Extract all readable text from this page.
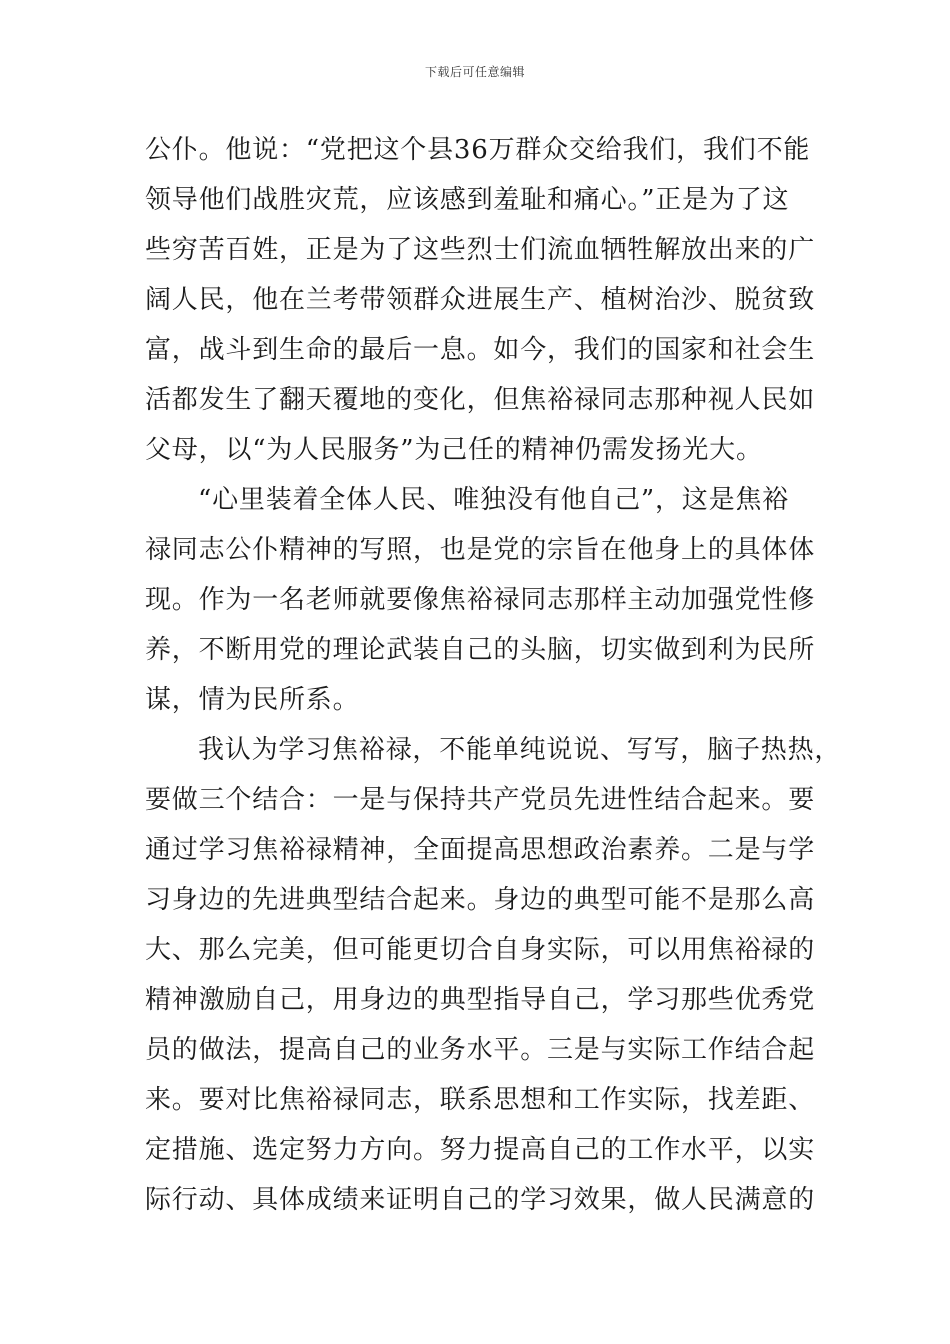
下载后可任意编辑
公仆。他说：“党把这个县36万群众交给我们，我们不能
领导他们战胜灾荒，应该感到羞耻和痛心。”正是为了这
些穷苦百姓，正是为了这些烈士们流血牺牲解放出来的广
阔人民，他在兰考带领群众进展生产、植树治沙、脱贫致
富，战斗到生命的最后一息。如今，我们的国家和社会生
活都发生了翻天覆地的变化，但焦裕禄同志那种视人民如
父母，以“为人民服务”为己任的精神仍需发扬光大。
“心里装着全体人民、唯独没有他自己”，这是焦裕
禄同志公仆精神的写照，也是党的宗旨在他身上的具体体
现。作为一名老师就要像焦裕禄同志那样主动加强党性修
养，不断用党的理论武装自己的头脑，切实做到利为民所
谋，情为民所系。
我认为学习焦裕禄，不能单纯说说、写写，脑子热热，
要做三个结合：一是与保持共产党员先进性结合起来。要
通过学习焦裕禄精神，全面提高思想政治素养。二是与学
习身边的先进典型结合起来。身边的典型可能不是那么高
大、那么完美，但可能更切合自身实际，可以用焦裕禄的
精神激励自己，用身边的典型指导自己，学习那些优秀党
员的做法，提高自己的业务水平。三是与实际工作结合起
来。要对比焦裕禄同志，联系思想和工作实际，找差距、
定措施、选定努力方向。努力提高自己的工作水平，以实
际行动、具体成绩来证明自己的学习效果，做人民满意的
